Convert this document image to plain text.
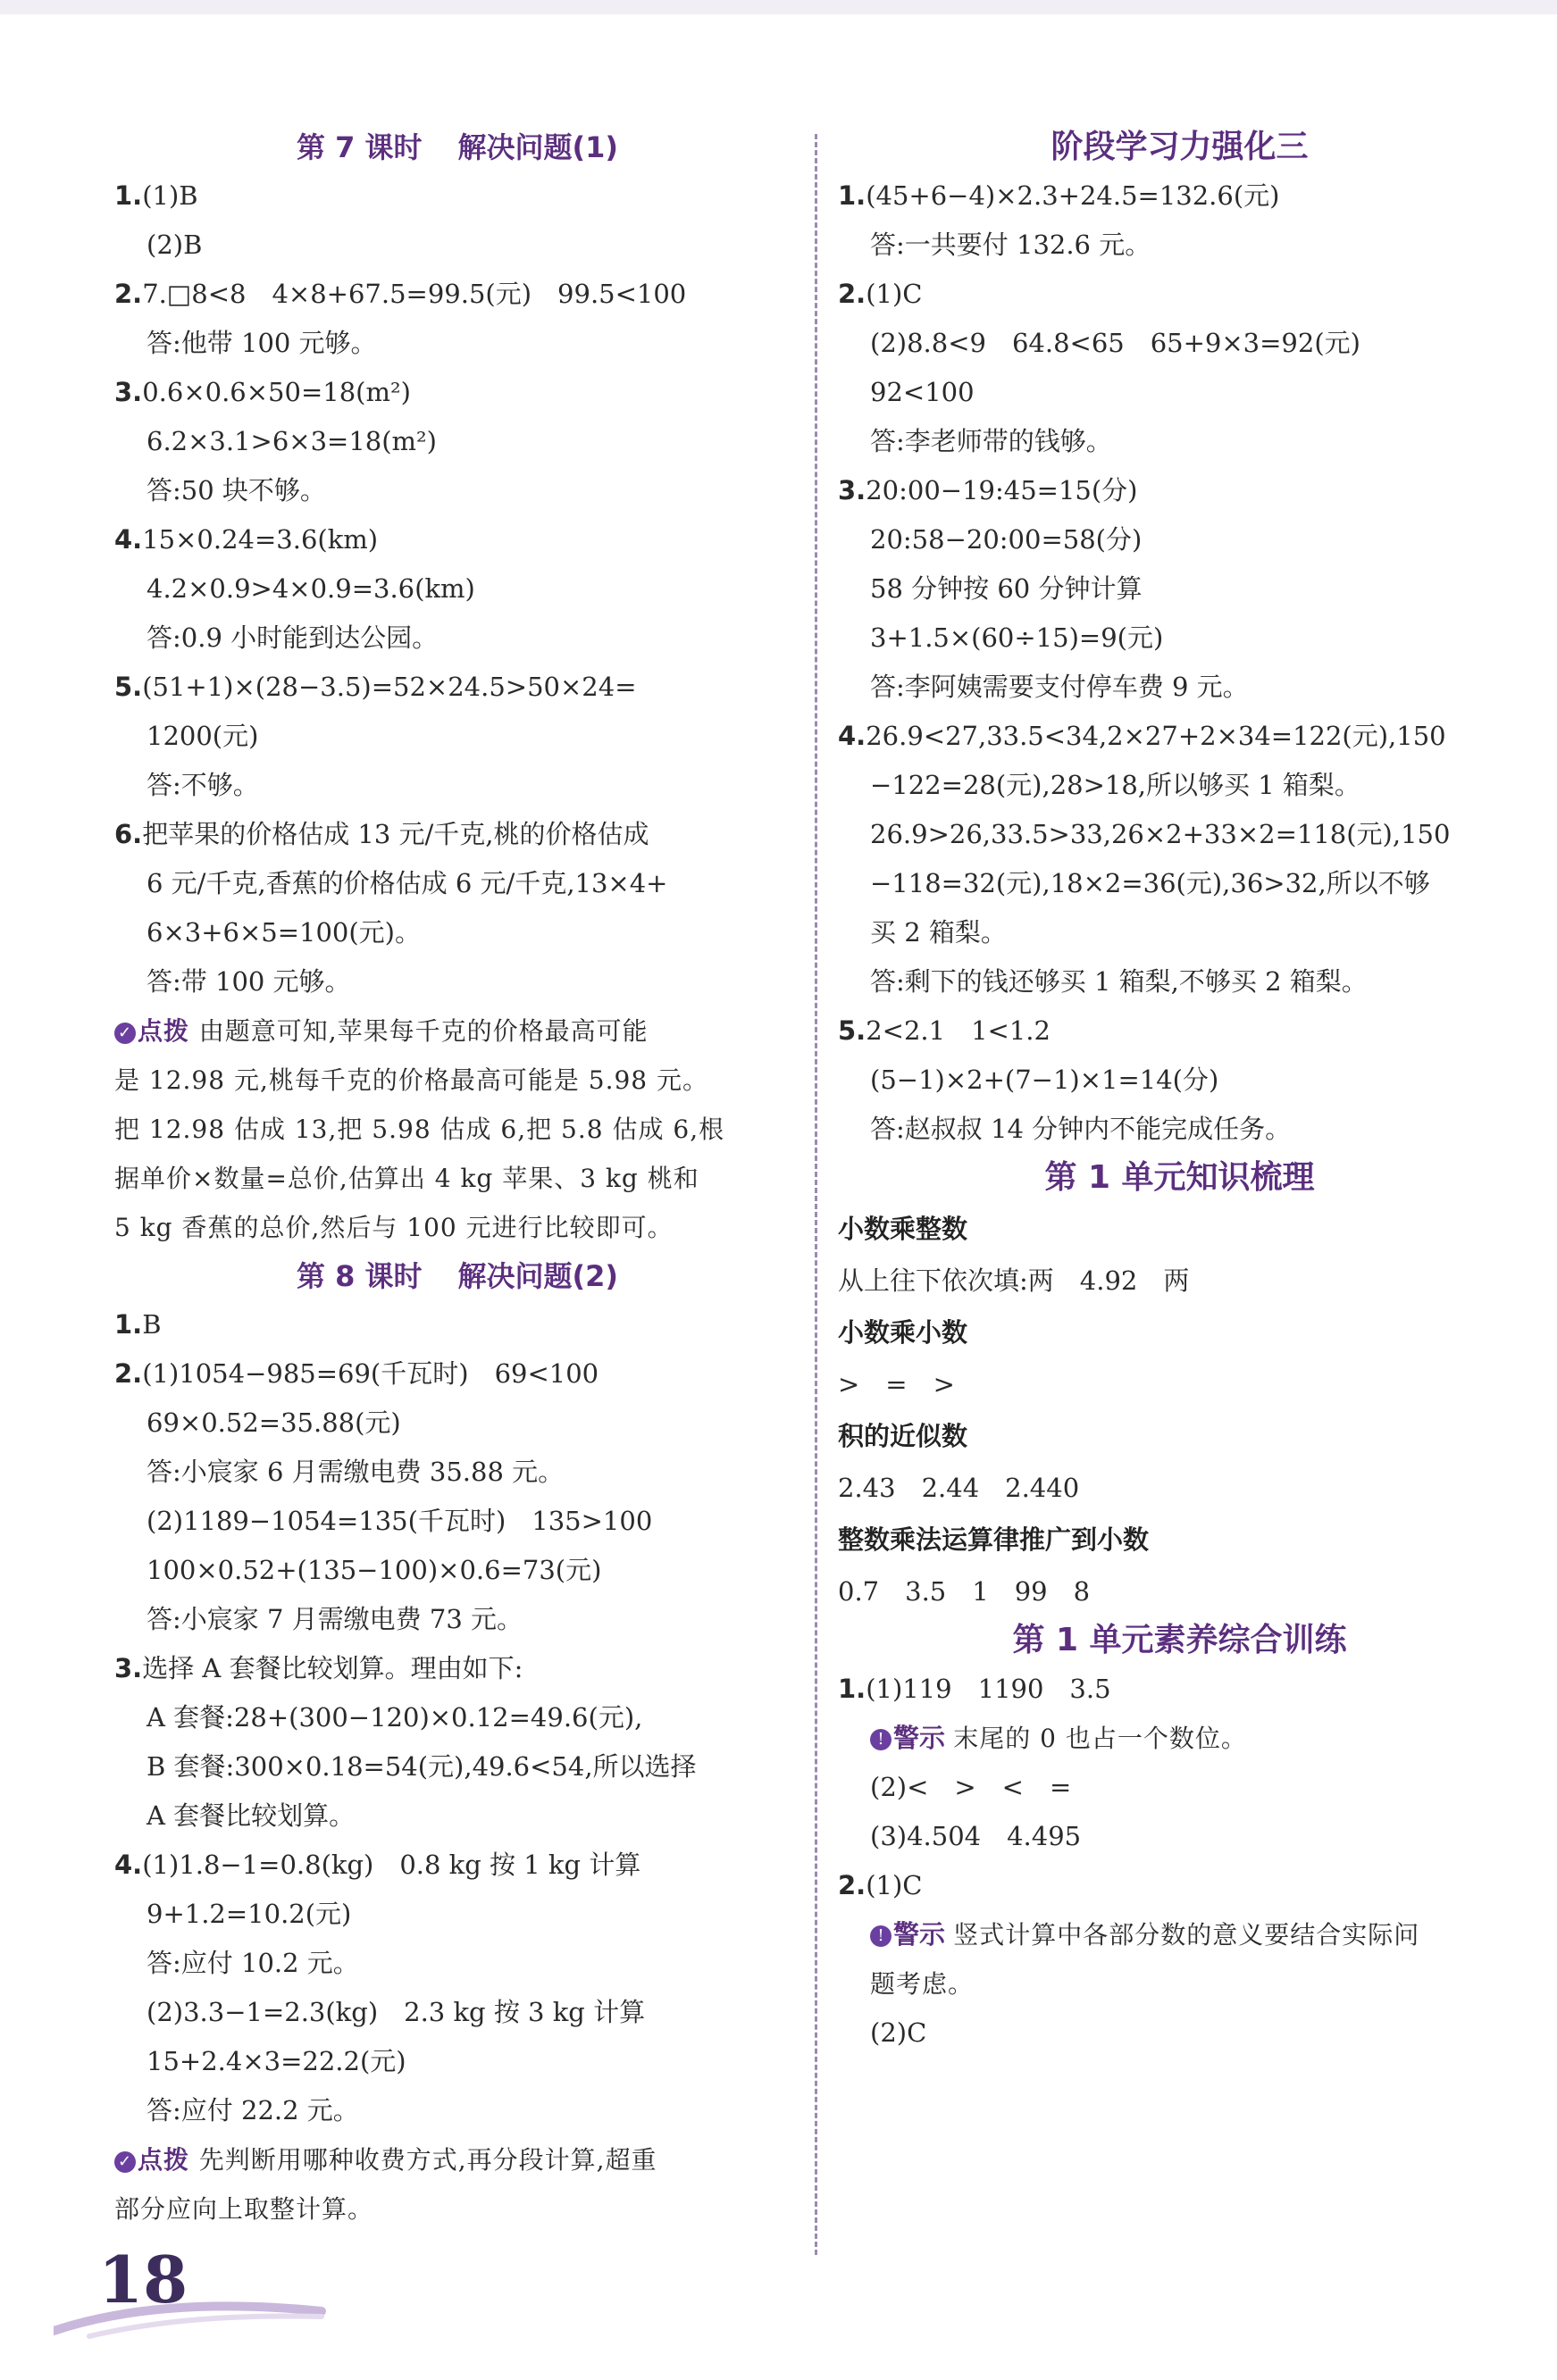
第 7 课时 解决问题(1)
1.(1)B
(2)B
2.7.□8<8　4×8+67.5=99.5(元)　99.5<100
答:他带 100 元够。
3.0.6×0.6×50=18(m²)
6.2×3.1>6×3=18(m²)
答:50 块不够。
4.15×0.24=3.6(km)
4.2×0.9>4×0.9=3.6(km)
答:0.9 小时能到达公园。
5.(51+1)×(28−3.5)=52×24.5>50×24=
1200(元)
答:不够。
6.把苹果的价格估成 13 元/千克,桃的价格估成
6 元/千克,香蕉的价格估成 6 元/千克,13×4+
6×3+6×5=100(元)。
答:带 100 元够。
✓ 点拨 由题意可知,苹果每千克的价格最高可能
是 12.98 元,桃每千克的价格最高可能是 5.98 元。
把 12.98 估成 13,把 5.98 估成 6,把 5.8 估成 6,根
据单价×数量=总价,估算出 4 kg 苹果、3 kg 桃和
5 kg 香蕉的总价,然后与 100 元进行比较即可。
第 8 课时 解决问题(2)
1.B
2.(1)1054−985=69(千瓦时)　69<100
69×0.52=35.88(元)
答:小宸家 6 月需缴电费 35.88 元。
(2)1189−1054=135(千瓦时)　135>100
100×0.52+(135−100)×0.6=73(元)
答:小宸家 7 月需缴电费 73 元。
3.选择 A 套餐比较划算。理由如下:
A 套餐:28+(300−120)×0.12=49.6(元),
B 套餐:300×0.18=54(元),49.6<54,所以选择
A 套餐比较划算。
4.(1)1.8−1=0.8(kg)　0.8 kg 按 1 kg 计算
9+1.2=10.2(元)
答:应付 10.2 元。
(2)3.3−1=2.3(kg)　2.3 kg 按 3 kg 计算
15+2.4×3=22.2(元)
答:应付 22.2 元。
✓ 点拨 先判断用哪种收费方式,再分段计算,超重
部分应向上取整计算。
阶段学习力强化三
1.(45+6−4)×2.3+24.5=132.6(元)
答:一共要付 132.6 元。
2.(1)C
(2)8.8<9　64.8<65　65+9×3=92(元)
92<100
答:李老师带的钱够。
3.20:00−19:45=15(分)
20:58−20:00=58(分)
58 分钟按 60 分钟计算
3+1.5×(60÷15)=9(元)
答:李阿姨需要支付停车费 9 元。
4.26.9<27,33.5<34,2×27+2×34=122(元),150
−122=28(元),28>18,所以够买 1 箱梨。
26.9>26,33.5>33,26×2+33×2=118(元),150
−118=32(元),18×2=36(元),36>32,所以不够
买 2 箱梨。
答:剩下的钱还够买 1 箱梨,不够买 2 箱梨。
5.2<2.1　1<1.2
(5−1)×2+(7−1)×1=14(分)
答:赵叔叔 14 分钟内不能完成任务。
第 1 单元知识梳理
小数乘整数
从上往下依次填:两　4.92　两
小数乘小数
>　=　>
积的近似数
2.43　2.44　2.440
整数乘法运算律推广到小数
0.7　3.5　1　99　8
第 1 单元素养综合训练
1.(1)119　1190　3.5
! 警示 末尾的 0 也占一个数位。
(2)<　>　<　=
(3)4.504　4.495
2.(1)C
! 警示 竖式计算中各部分数的意义要结合实际问
题考虑。
(2)C
18
